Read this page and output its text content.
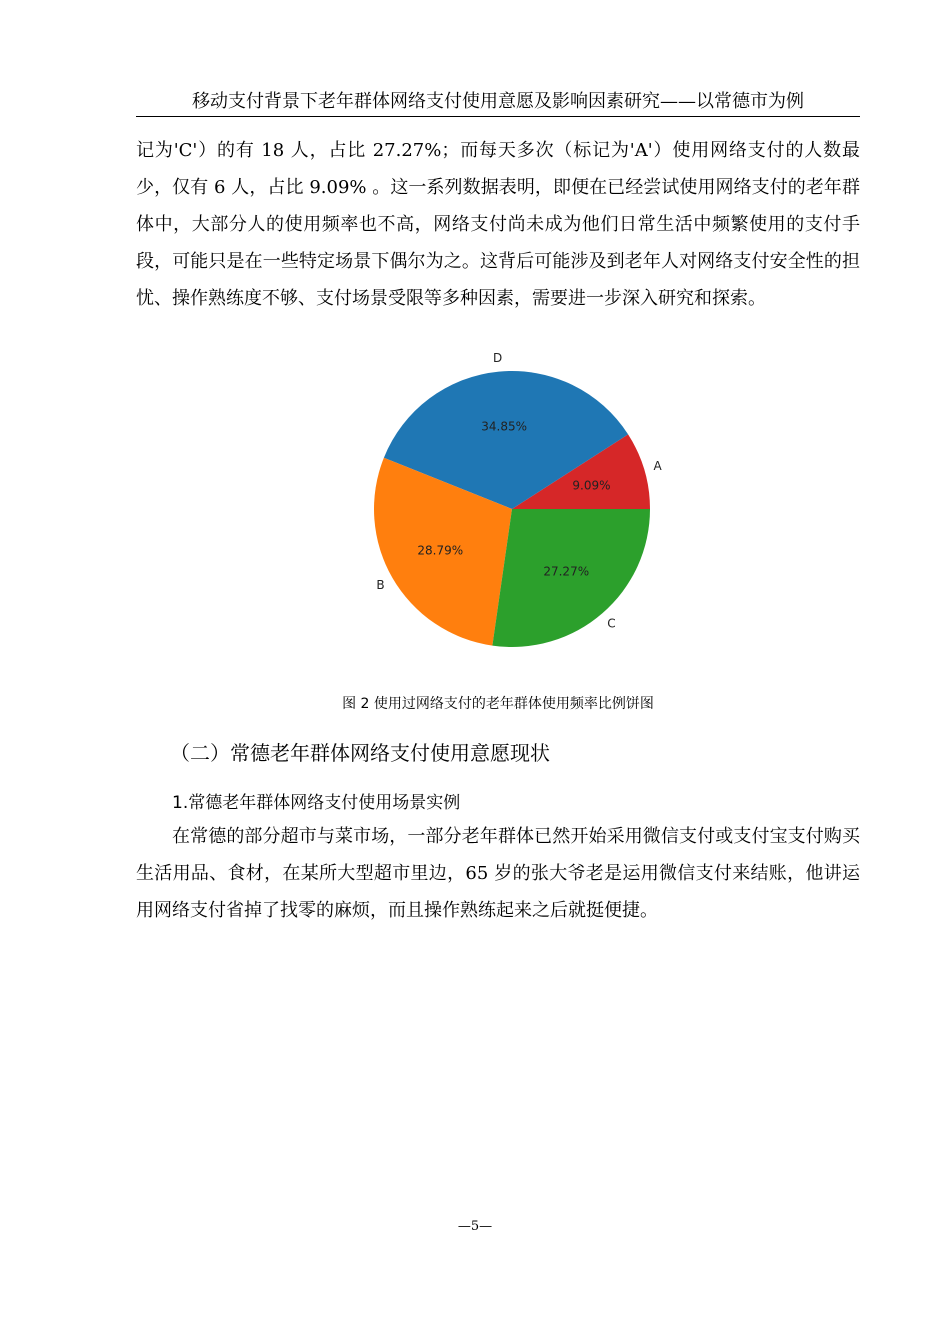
移动支付背景下老年群体网络支付使用意愿及影响因素研究——以常德市为例

记为'C'）的有 18 人，占比 27.27%；而每天多次（标记为'A'）使用网络支付的人数最少，仅有 6 人，占比 9.09% 。这一系列数据表明，即便在已经尝试使用网络支付的老年群体中，大部分人的使用频率也不高，网络支付尚未成为他们日常生活中频繁使用的支付手段，可能只是在一些特定场景下偶尔为之。这背后可能涉及到老年人对网络支付安全性的担忧、操作熟练度不够、支付场景受限等多种因素，需要进一步深入研究和探索。

9.09%
A
34.85%
D
28.79%
B
27.27%
C
图 2 使用过网络支付的老年群体使用频率比例饼图
（二）常德老年群体网络支付使用意愿现状
1.常德老年群体网络支付使用场景实例

在常德的部分超市与菜市场，一部分老年群体已然开始采用微信支付或支付宝支付购买生活用品、食材，在某所大型超市里边，65 岁的张大爷老是运用微信支付来结账，他讲运用网络支付省掉了找零的麻烦，而且操作熟练起来之后就挺便捷。

—5—
